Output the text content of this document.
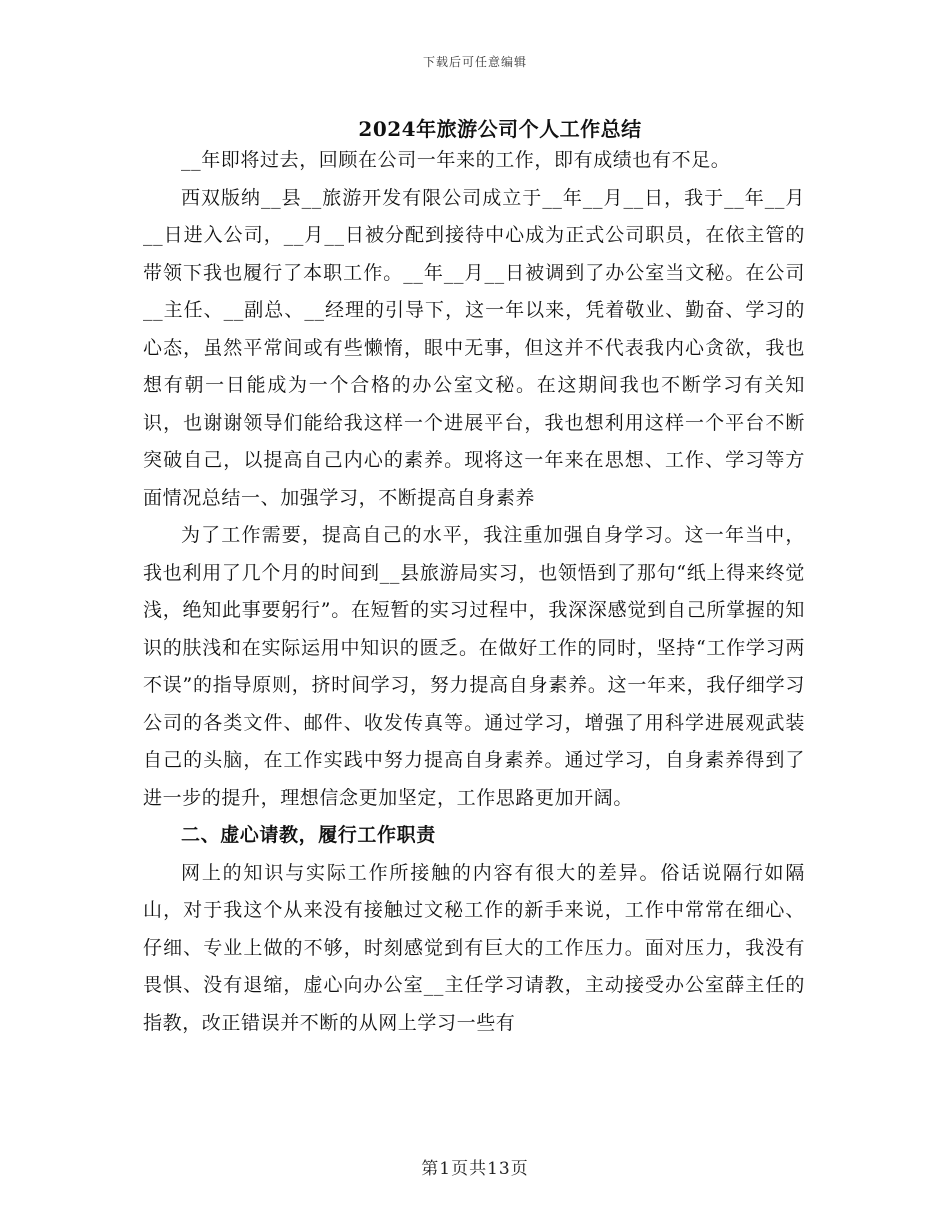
下载后可任意编辑
2024年旅游公司个人工作总结

__年即将过去，回顾在公司一年来的工作，即有成绩也有不足。

西双版纳__县__旅游开发有限公司成立于__年__月__日，我于__年__月__日进入公司，__月__日被分配到接待中心成为正式公司职员，在依主管的带领下我也履行了本职工作。__年__月__日被调到了办公室当文秘。在公司__主任、__副总、__经理的引导下，这一年以来，凭着敬业、勤奋、学习的心态，虽然平常间或有些懒惰，眼中无事，但这并不代表我内心贪欲，我也想有朝一日能成为一个合格的办公室文秘。在这期间我也不断学习有关知识，也谢谢领导们能给我这样一个进展平台，我也想利用这样一个平台不断突破自己，以提高自己内心的素养。现将这一年来在思想、工作、学习等方面情况总结一、加强学习，不断提高自身素养

为了工作需要，提高自己的水平，我注重加强自身学习。这一年当中，我也利用了几个月的时间到__县旅游局实习，也领悟到了那句“纸上得来终觉浅，绝知此事要躬行”。在短暂的实习过程中，我深深感觉到自己所掌握的知识的肤浅和在实际运用中知识的匮乏。在做好工作的同时，坚持“工作学习两不误”的指导原则，挤时间学习，努力提高自身素养。这一年来，我仔细学习公司的各类文件、邮件、收发传真等。通过学习，增强了用科学进展观武装自己的头脑，在工作实践中努力提高自身素养。通过学习，自身素养得到了进一步的提升，理想信念更加坚定，工作思路更加开阔。

二、虚心请教，履行工作职责

网上的知识与实际工作所接触的内容有很大的差异。俗话说隔行如隔山，对于我这个从来没有接触过文秘工作的新手来说，工作中常常在细心、仔细、专业上做的不够，时刻感觉到有巨大的工作压力。面对压力，我没有畏惧、没有退缩，虚心向办公室__主任学习请教，主动接受办公室薛主任的指教，改正错误并不断的从网上学习一些有

第1页共13页
